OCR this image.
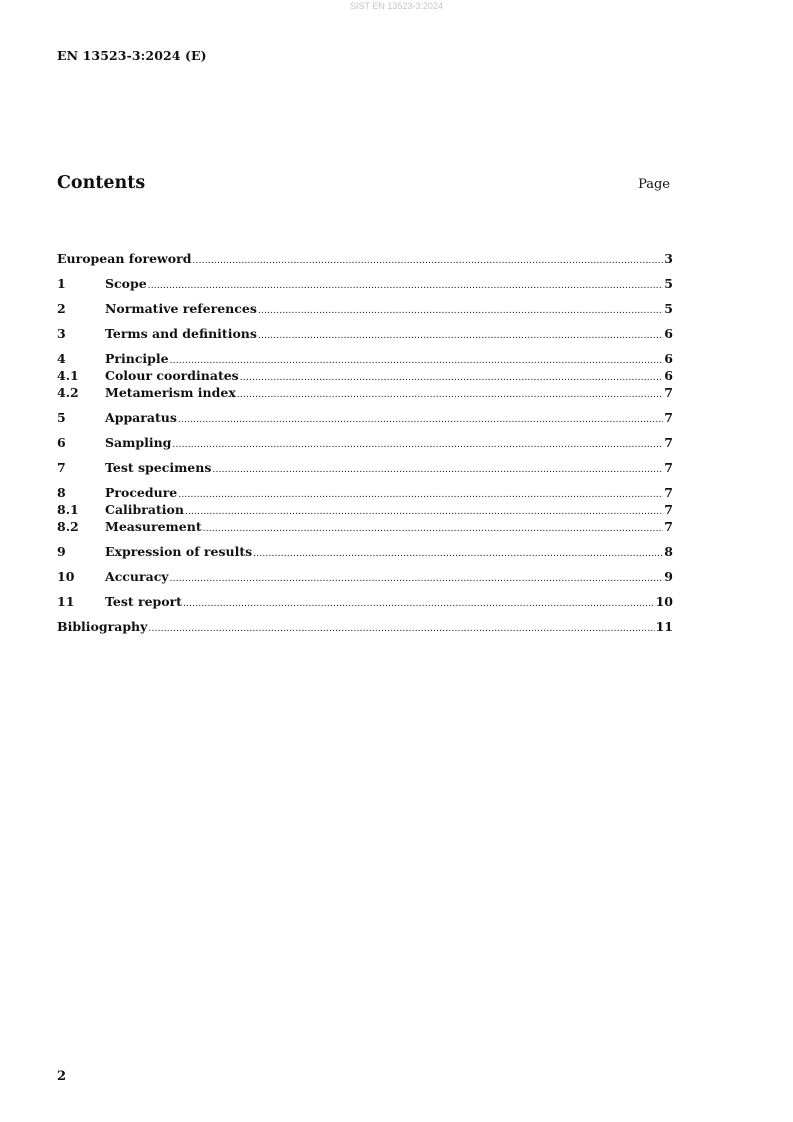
SIST EN 13523-3:2024
EN 13523-3:2024 (E)
Contents	Page
European foreword .....	3
1	Scope .....	5
2	Normative references .....	5
3	Terms and definitions .....	6
4	Principle .....	6
4.1	Colour coordinates .....	6
4.2	Metamerism index .....	7
5	Apparatus .....	7
6	Sampling .....	7
7	Test specimens .....	7
8	Procedure .....	7
8.1	Calibration .....	7
8.2	Measurement .....	7
9	Expression of results .....	8
10	Accuracy .....	9
11	Test report .....	10
Bibliography .....	11
2
